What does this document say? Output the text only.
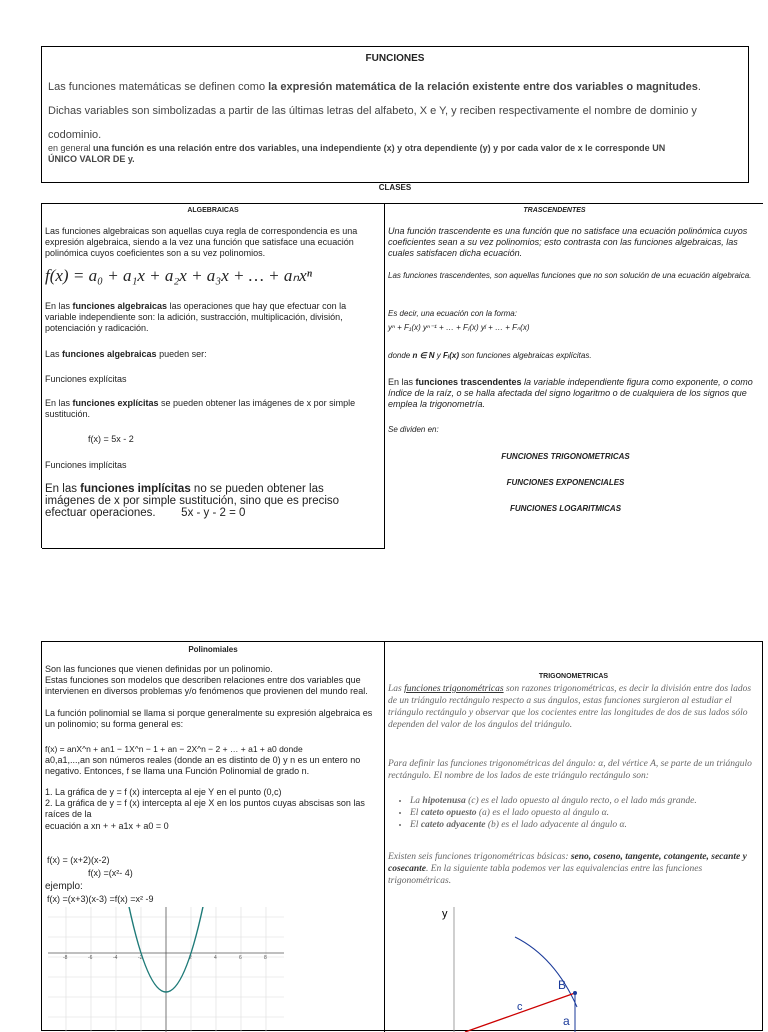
FUNCIONES

Las funciones matemáticas se definen como la expresión matemática de la relación existente entre dos variables o magnitudes. Dichas variables son simbolizadas a partir de las últimas letras del alfabeto, X e Y, y reciben respectivamente el nombre de dominio y codominio.

en general una función es una relación entre dos variables, una independiente (x) y otra dependiente (y) y por cada valor de x le corresponde UN ÚNICO VALOR DE y.

CLASES
ALGEBRAICAS

Las funciones algebraicas son aquellas cuya regla de correspondencia es una expresión algebraica, siendo a la vez una función que satisface una ecuación polinómica cuyos coeficientes son a su vez polinomios.

f(x) = a₀ + a₁x + a₂x + a₃x + … + aₙxⁿ

En las funciones algebraicas las operaciones que hay que efectuar con la variable independiente son: la adición, sustracción, multiplicación, división, potenciación y radicación.

Las funciones algebraicas pueden ser:

Funciones explícitas

En las funciones explícitas se pueden obtener las imágenes de x por simple sustitución.

f(x) = 5x - 2

Funciones implícitas

En las funciones implícitas no se pueden obtener las imágenes de x por simple sustitución, sino que es preciso efectuar operaciones. 5x - y - 2 = 0

TRASCENDENTES

Una función trascendente es una función que no satisface una ecuación polinómica cuyos coeficientes sean a su vez polinomios; esto contrasta con las funciones algebraicas, las cuales satisfacen dicha ecuación.

Las funciones trascendentes, son aquellas funciones que no son solución de una ecuación algebraica.

Es decir, una ecuación con la forma:

yⁿ + F₁(x) yⁿ⁻¹ + … + Fⱼ(x) yʲ + … + Fₙ(x)

donde n ∈ N y Fᵢ(x) son funciones algebraicas explícitas.

En las funciones trascendentes la variable independiente figura como exponente, o como índice de la raíz, o se halla afectada del signo logaritmo o de cualquiera de los signos que emplea la trigonometría.

Se dividen en:

FUNCIONES TRIGONOMETRICAS

FUNCIONES EXPONENCIALES

FUNCIONES LOGARITMICAS

Polinomiales

Son las funciones que vienen definidas por un polinomio.

Estas funciones son modelos que describen relaciones entre dos variables que intervienen en diversos problemas y/o fenómenos que provienen del mundo real.

La función polinomial se llama si porque generalmente su expresión algebraica es un polinomio; su forma general es:

f(x) = anX^n + an1 − 1X^n − 1 + an − 2X^n − 2 + … + a1 + a0 donde

a0,a1,...,an son números reales (donde an es distinto de 0) y n es un entero no negativo. Entonces, f se llama una Función Polinomial de grado n.

1. La gráfica de y = f (x) intercepta al eje Y en el punto (0,c)

2. La gráfica de y = f (x) intercepta al eje X en los puntos cuyas abscisas son las raíces de la

ecuación a xn + + a1x + a0 = 0

f(x) = (x+2)(x-2)

f(x) =(x²- 4)

ejemplo:

f(x) =(x+3)(x-3) =f(x) =x² -9

-8	-6	-4	-2	2	4	6	8
TRIGONOMETRICAS

Las funciones trigonométricas son razones trigonométricas, es decir la división entre dos lados de un triángulo rectángulo respecto a sus ángulos, estas funciones surgieron al estudiar el triángulo rectángulo y observar que los cocientes entre las longitudes de dos de sus lados sólo dependen del valor de los ángulos del triángulo.

Para definir las funciones trigonométricas del ángulo: α, del vértice A, se parte de un triángulo rectángulo. El nombre de los lados de este triángulo rectángulo son:

• La hipotenusa (c) es el lado opuesto al ángulo recto, o el lado más grande.
• El cateto opuesto (a) es el lado opuesto al ángulo α.
• El cateto adyacente (b) es el lado adyacente al ángulo α.

Existen seis funciones trigonométricas básicas: seno, coseno, tangente, cotangente, secante y cosecante. En la siguiente tabla podemos ver las equivalencias entre las funciones trigonométricas.

y
B
c
a
